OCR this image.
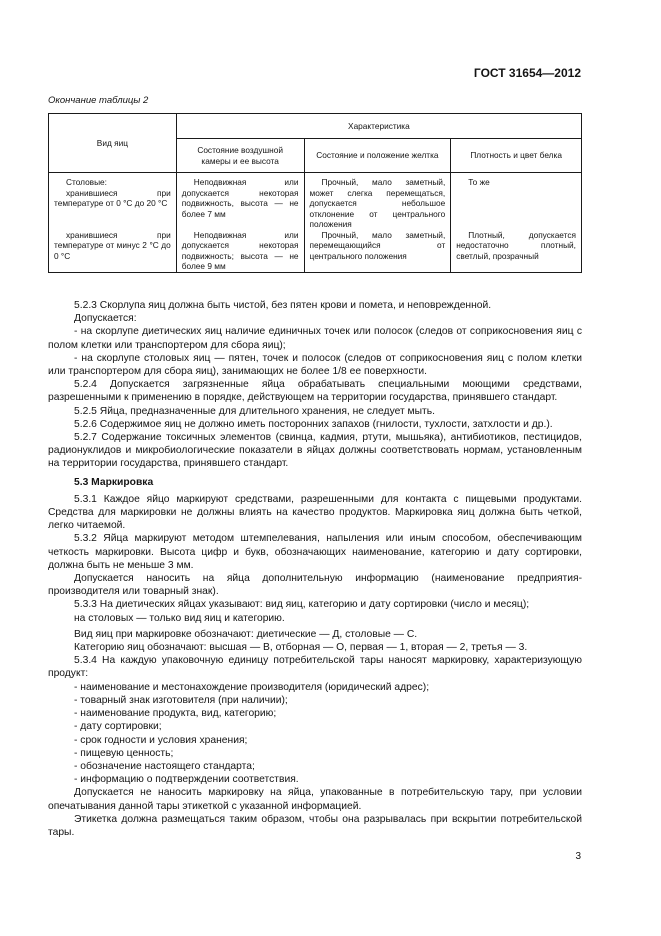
ГОСТ 31654—2012
Окончание таблицы 2
Вид яиц	Характеристика		
	Состояние воздушной камеры и ее высота	Состояние и положение желтка	Плотность и цвет белка

Столовые:
хранившиеся при температуре от 0 °С до 20 °С	Неподвижная или допускается некоторая подвижность, высота — не более 7 мм	Прочный, мало заметный, может слегка перемещаться, допускается небольшое отклонение от центрального положения	То же
хранившиеся при температуре от минус 2 °С до 0 °С	Неподвижная или допускается некоторая подвижность; высота — не более 9 мм	Прочный, мало заметный, перемещающийся от центрального положения	Плотный, допускается недостаточно плотный, светлый, прозрачный

5.2.3 Скорлупа яиц должна быть чистой, без пятен крови и помета, и неповрежденной.

Допускается:

- на скорлупе диетических яиц наличие единичных точек или полосок (следов от соприкосновения яиц с полом клетки или транспортером для сбора яиц);

- на скорлупе столовых яиц — пятен, точек и полосок (следов от соприкосновения яиц с полом клетки или транспортером для сбора яиц), занимающих не более 1/8 ее поверхности.

5.2.4 Допускается загрязненные яйца обрабатывать специальными моющими средствами, разрешенными к применению в порядке, действующем на территории государства, принявшего стандарт.

5.2.5 Яйца, предназначенные для длительного хранения, не следует мыть.

5.2.6 Содержимое яиц не должно иметь посторонних запахов (гнилости, тухлости, затхлости и др.).

5.2.7 Содержание токсичных элементов (свинца, кадмия, ртути, мышьяка), антибиотиков, пестицидов, радионуклидов и микробиологические показатели в яйцах должны соответствовать нормам, установленным на территории государства, принявшего стандарт.

5.3 Маркировка

5.3.1 Каждое яйцо маркируют средствами, разрешенными для контакта с пищевыми продуктами. Средства для маркировки не должны влиять на качество продуктов. Маркировка яиц должна быть четкой, легко читаемой.

5.3.2 Яйца маркируют методом штемпелевания, напыления или иным способом, обеспечивающим четкость маркировки. Высота цифр и букв, обозначающих наименование, категорию и дату сортировки, должна быть не меньше 3 мм.

Допускается наносить на яйца дополнительную информацию (наименование предприятия-производителя или товарный знак).

5.3.3 На диетических яйцах указывают: вид яиц, категорию и дату сортировки (число и месяц);

на столовых — только вид яиц и категорию.

Вид яиц при маркировке обозначают: диетические — Д, столовые — С.

Категорию яиц обозначают: высшая — В, отборная — О, первая — 1, вторая — 2, третья — 3.

5.3.4 На каждую упаковочную единицу потребительской тары наносят маркировку, характеризующую продукт:

- наименование и местонахождение производителя (юридический адрес);

- товарный знак изготовителя (при наличии);

- наименование продукта, вид, категорию;

- дату сортировки;

- срок годности и условия хранения;

- пищевую ценность;

- обозначение настоящего стандарта;

- информацию о подтверждении соответствия.

Допускается не наносить маркировку на яйца, упакованные в потребительскую тару, при условии опечатывания данной тары этикеткой с указанной информацией.

Этикетка должна размещаться таким образом, чтобы она разрывалась при вскрытии потребительской тары.

3
